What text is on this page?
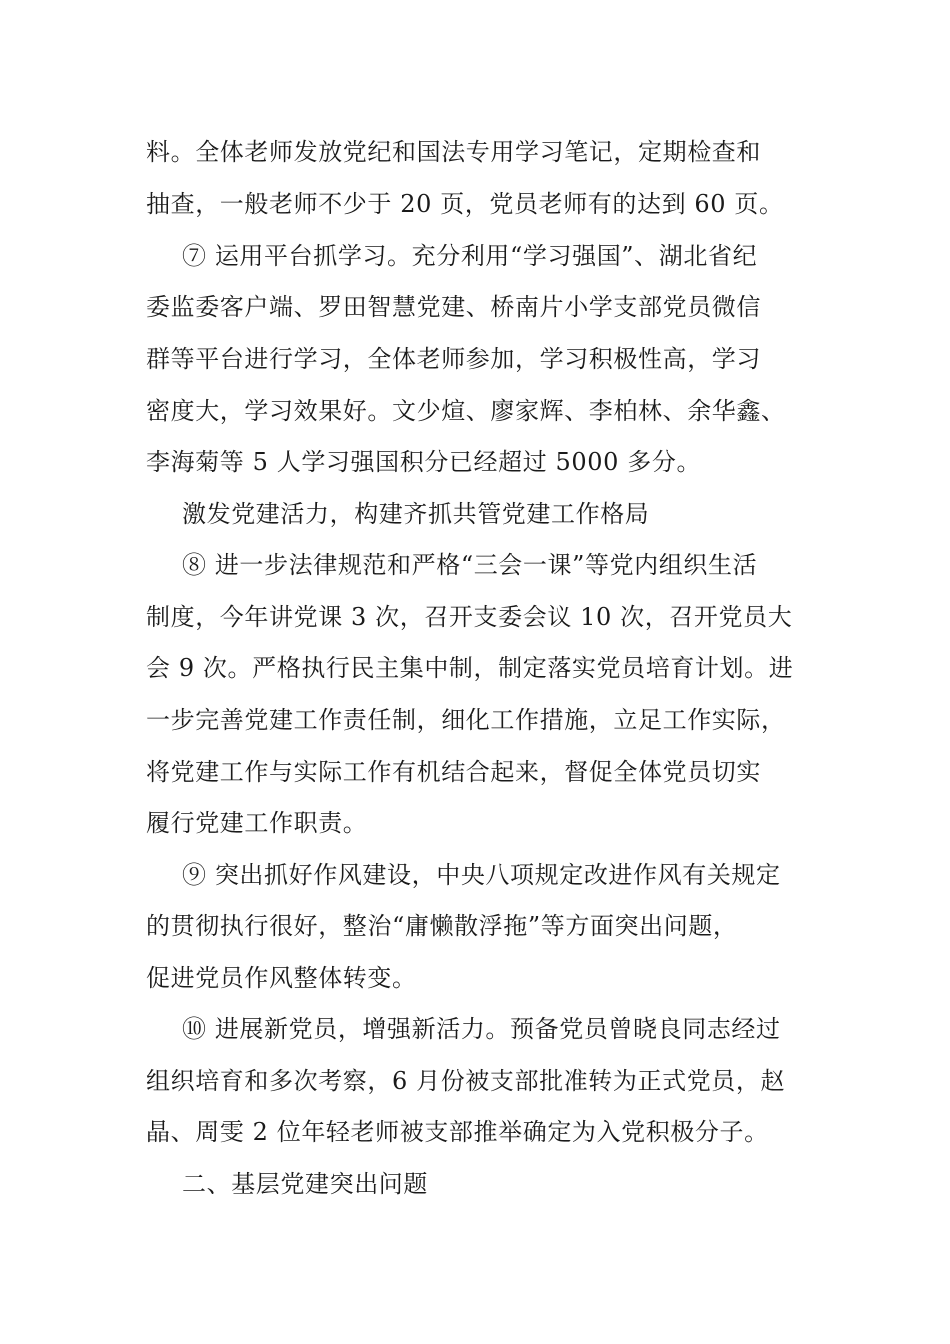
料。全体老师发放党纪和国法专用学习笔记，定期检查和
抽查，一般老师不少于 20 页，党员老师有的达到 60 页。
⑦ 运用平台抓学习。充分利用“学习强国”、湖北省纪
委监委客户端、罗田智慧党建、桥南片小学支部党员微信
群等平台进行学习，全体老师参加，学习积极性高，学习
密度大，学习效果好。文少煊、廖家辉、李柏林、余华鑫、
李海菊等 5 人学习强国积分已经超过 5000 多分。
激发党建活力，构建齐抓共管党建工作格局
⑧ 进一步法律规范和严格“三会一课”等党内组织生活
制度，今年讲党课 3 次，召开支委会议 10 次，召开党员大
会 9 次。严格执行民主集中制，制定落实党员培育计划。进
一步完善党建工作责任制，细化工作措施，立足工作实际，
将党建工作与实际工作有机结合起来，督促全体党员切实
履行党建工作职责。
⑨ 突出抓好作风建设，中央八项规定改进作风有关规定
的贯彻执行很好，整治“庸懒散浮拖”等方面突出问题，
促进党员作风整体转变。
⑩ 进展新党员，增强新活力。预备党员曾晓良同志经过
组织培育和多次考察，6 月份被支部批准转为正式党员，赵
晶、周雯 2 位年轻老师被支部推举确定为入党积极分子。
二、基层党建突出问题
